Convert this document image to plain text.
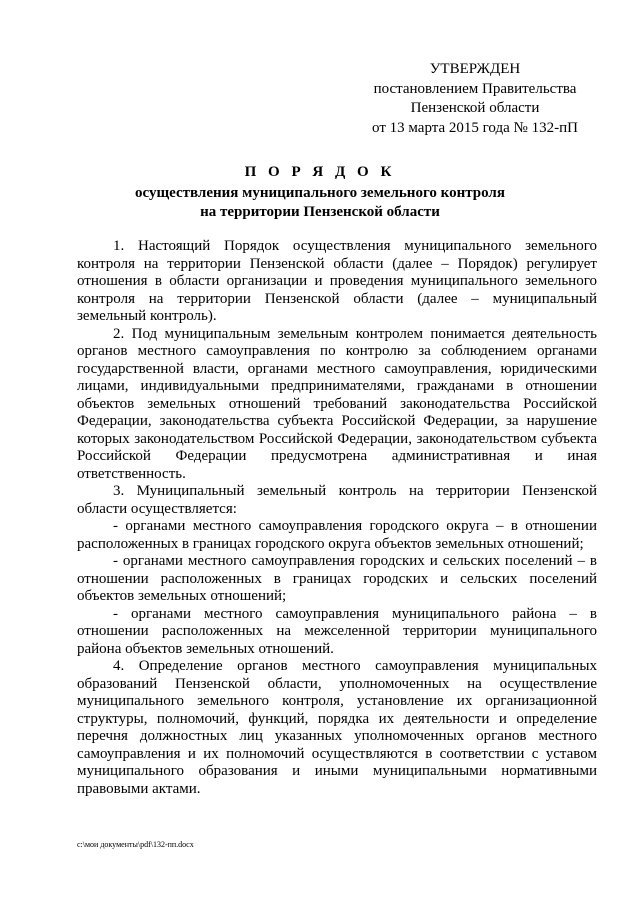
УТВЕРЖДЕН
постановлением Правительства
Пензенской области
от 13 марта 2015 года № 132-пП
П О Р Я Д О К
осуществления муниципального земельного контроля
на территории Пензенской области

1. Настоящий Порядок осуществления муниципального земельного контроля на территории Пензенской области (далее – Порядок) регулирует отношения в области организации и проведения муниципального земельного контроля на территории Пензенской области (далее – муниципальный земельный контроль).

2. Под муниципальным земельным контролем понимается деятельность органов местного самоуправления по контролю за соблюдением органами государственной власти, органами местного самоуправления, юридическими лицами, индивидуальными предпринимателями, гражданами в отношении объектов земельных отношений требований законодательства Российской Федерации, законодательства субъекта Российской Федерации, за нарушение которых законодательством Российской Федерации, законодательством субъекта Российской Федерации предусмотрена административная и иная ответственность.

3. Муниципальный земельный контроль на территории Пензенской области осуществляется:

- органами местного самоуправления городского округа – в отношении расположенных в границах городского округа объектов земельных отношений;

- органами местного самоуправления городских и сельских поселений – в отношении расположенных в границах городских и сельских поселений объектов земельных отношений;

- органами местного самоуправления муниципального района – в отношении расположенных на межселенной территории муниципального района объектов земельных отношений.

4. Определение органов местного самоуправления муниципальных образований Пензенской области, уполномоченных на осуществление муниципального земельного контроля, установление их организационной структуры, полномочий, функций, порядка их деятельности и определение перечня должностных лиц указанных уполномоченных органов местного самоуправления и их полномочий осуществляются в соответствии с уставом муниципального образования и иными муниципальными нормативными правовыми актами.

c:\мои документы\pdf\132-пп.docx
